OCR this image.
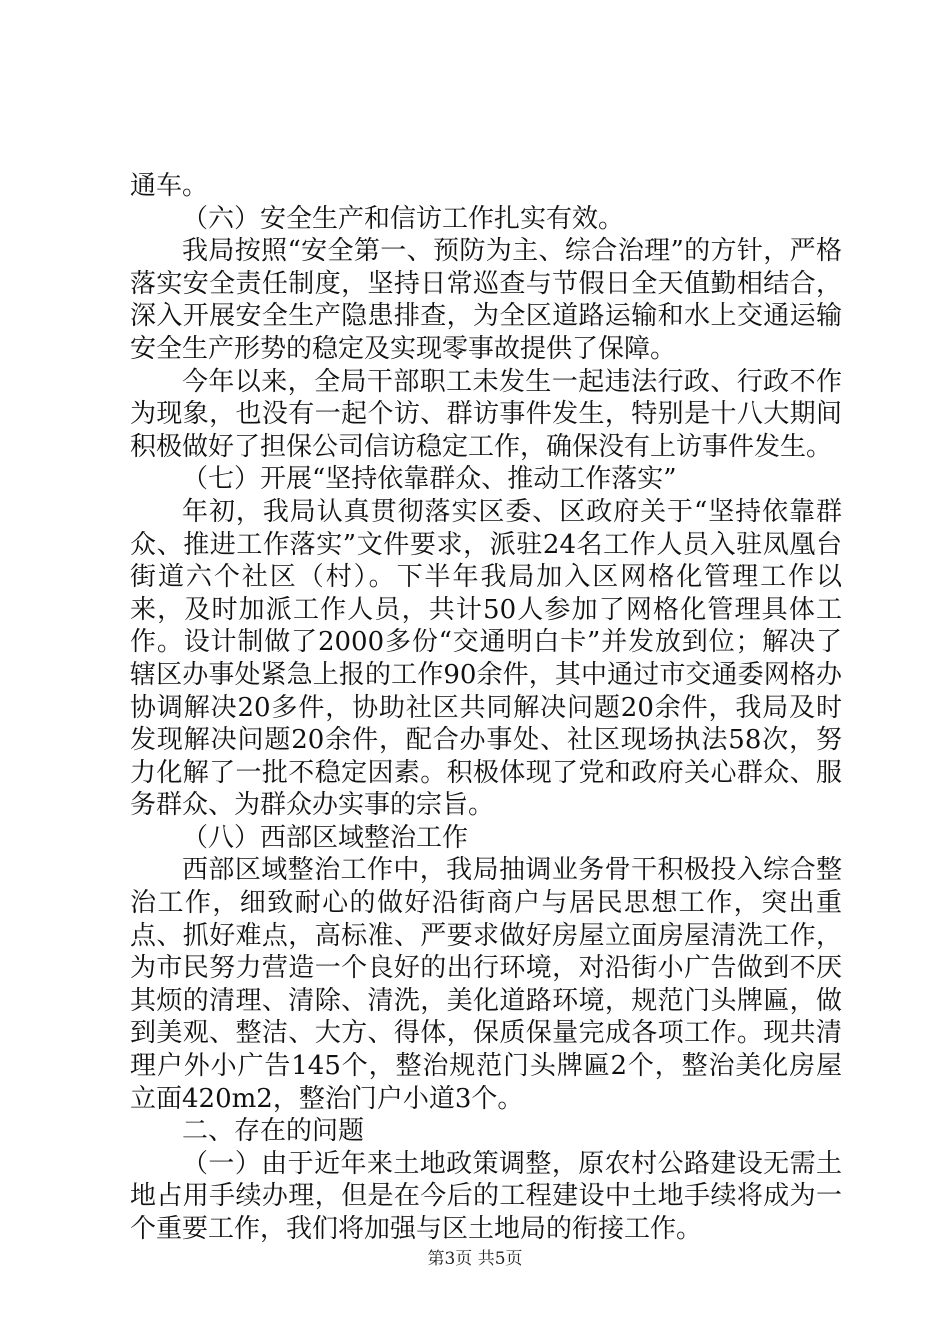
通车。

（六）安全生产和信访工作扎实有效。

我局按照“安全第一、预防为主、综合治理”的方针，严格落实安全责任制度，坚持日常巡查与节假日全天值勤相结合，深入开展安全生产隐患排查，为全区道路运输和水上交通运输安全生产形势的稳定及实现零事故提供了保障。

今年以来，全局干部职工未发生一起违法行政、行政不作为现象，也没有一起个访、群访事件发生，特别是十八大期间积极做好了担保公司信访稳定工作，确保没有上访事件发生。

（七）开展“坚持依靠群众、推动工作落实”

年初，我局认真贯彻落实区委、区政府关于“坚持依靠群众、推进工作落实”文件要求，派驻24名工作人员入驻凤凰台街道六个社区（村）。下半年我局加入区网格化管理工作以来，及时加派工作人员，共计50人参加了网格化管理具体工作。设计制做了2000多份“交通明白卡”并发放到位；解决了辖区办事处紧急上报的工作90余件，其中通过市交通委网格办协调解决20多件，协助社区共同解决问题20余件，我局及时发现解决问题20余件，配合办事处、社区现场执法58次，努力化解了一批不稳定因素。积极体现了党和政府关心群众、服务群众、为群众办实事的宗旨。

（八）西部区域整治工作

西部区域整治工作中，我局抽调业务骨干积极投入综合整治工作，细致耐心的做好沿街商户与居民思想工作，突出重点、抓好难点，高标准、严要求做好房屋立面房屋清洗工作，为市民努力营造一个良好的出行环境，对沿街小广告做到不厌其烦的清理、清除、清洗，美化道路环境，规范门头牌匾，做到美观、整洁、大方、得体，保质保量完成各项工作。现共清理户外小广告145个，整治规范门头牌匾2个，整治美化房屋立面420m2，整治门户小道3个。

二、存在的问题

（一）由于近年来土地政策调整，原农村公路建设无需土地占用手续办理，但是在今后的工程建设中土地手续将成为一个重要工作，我们将加强与区土地局的衔接工作。

第3页 共5页
